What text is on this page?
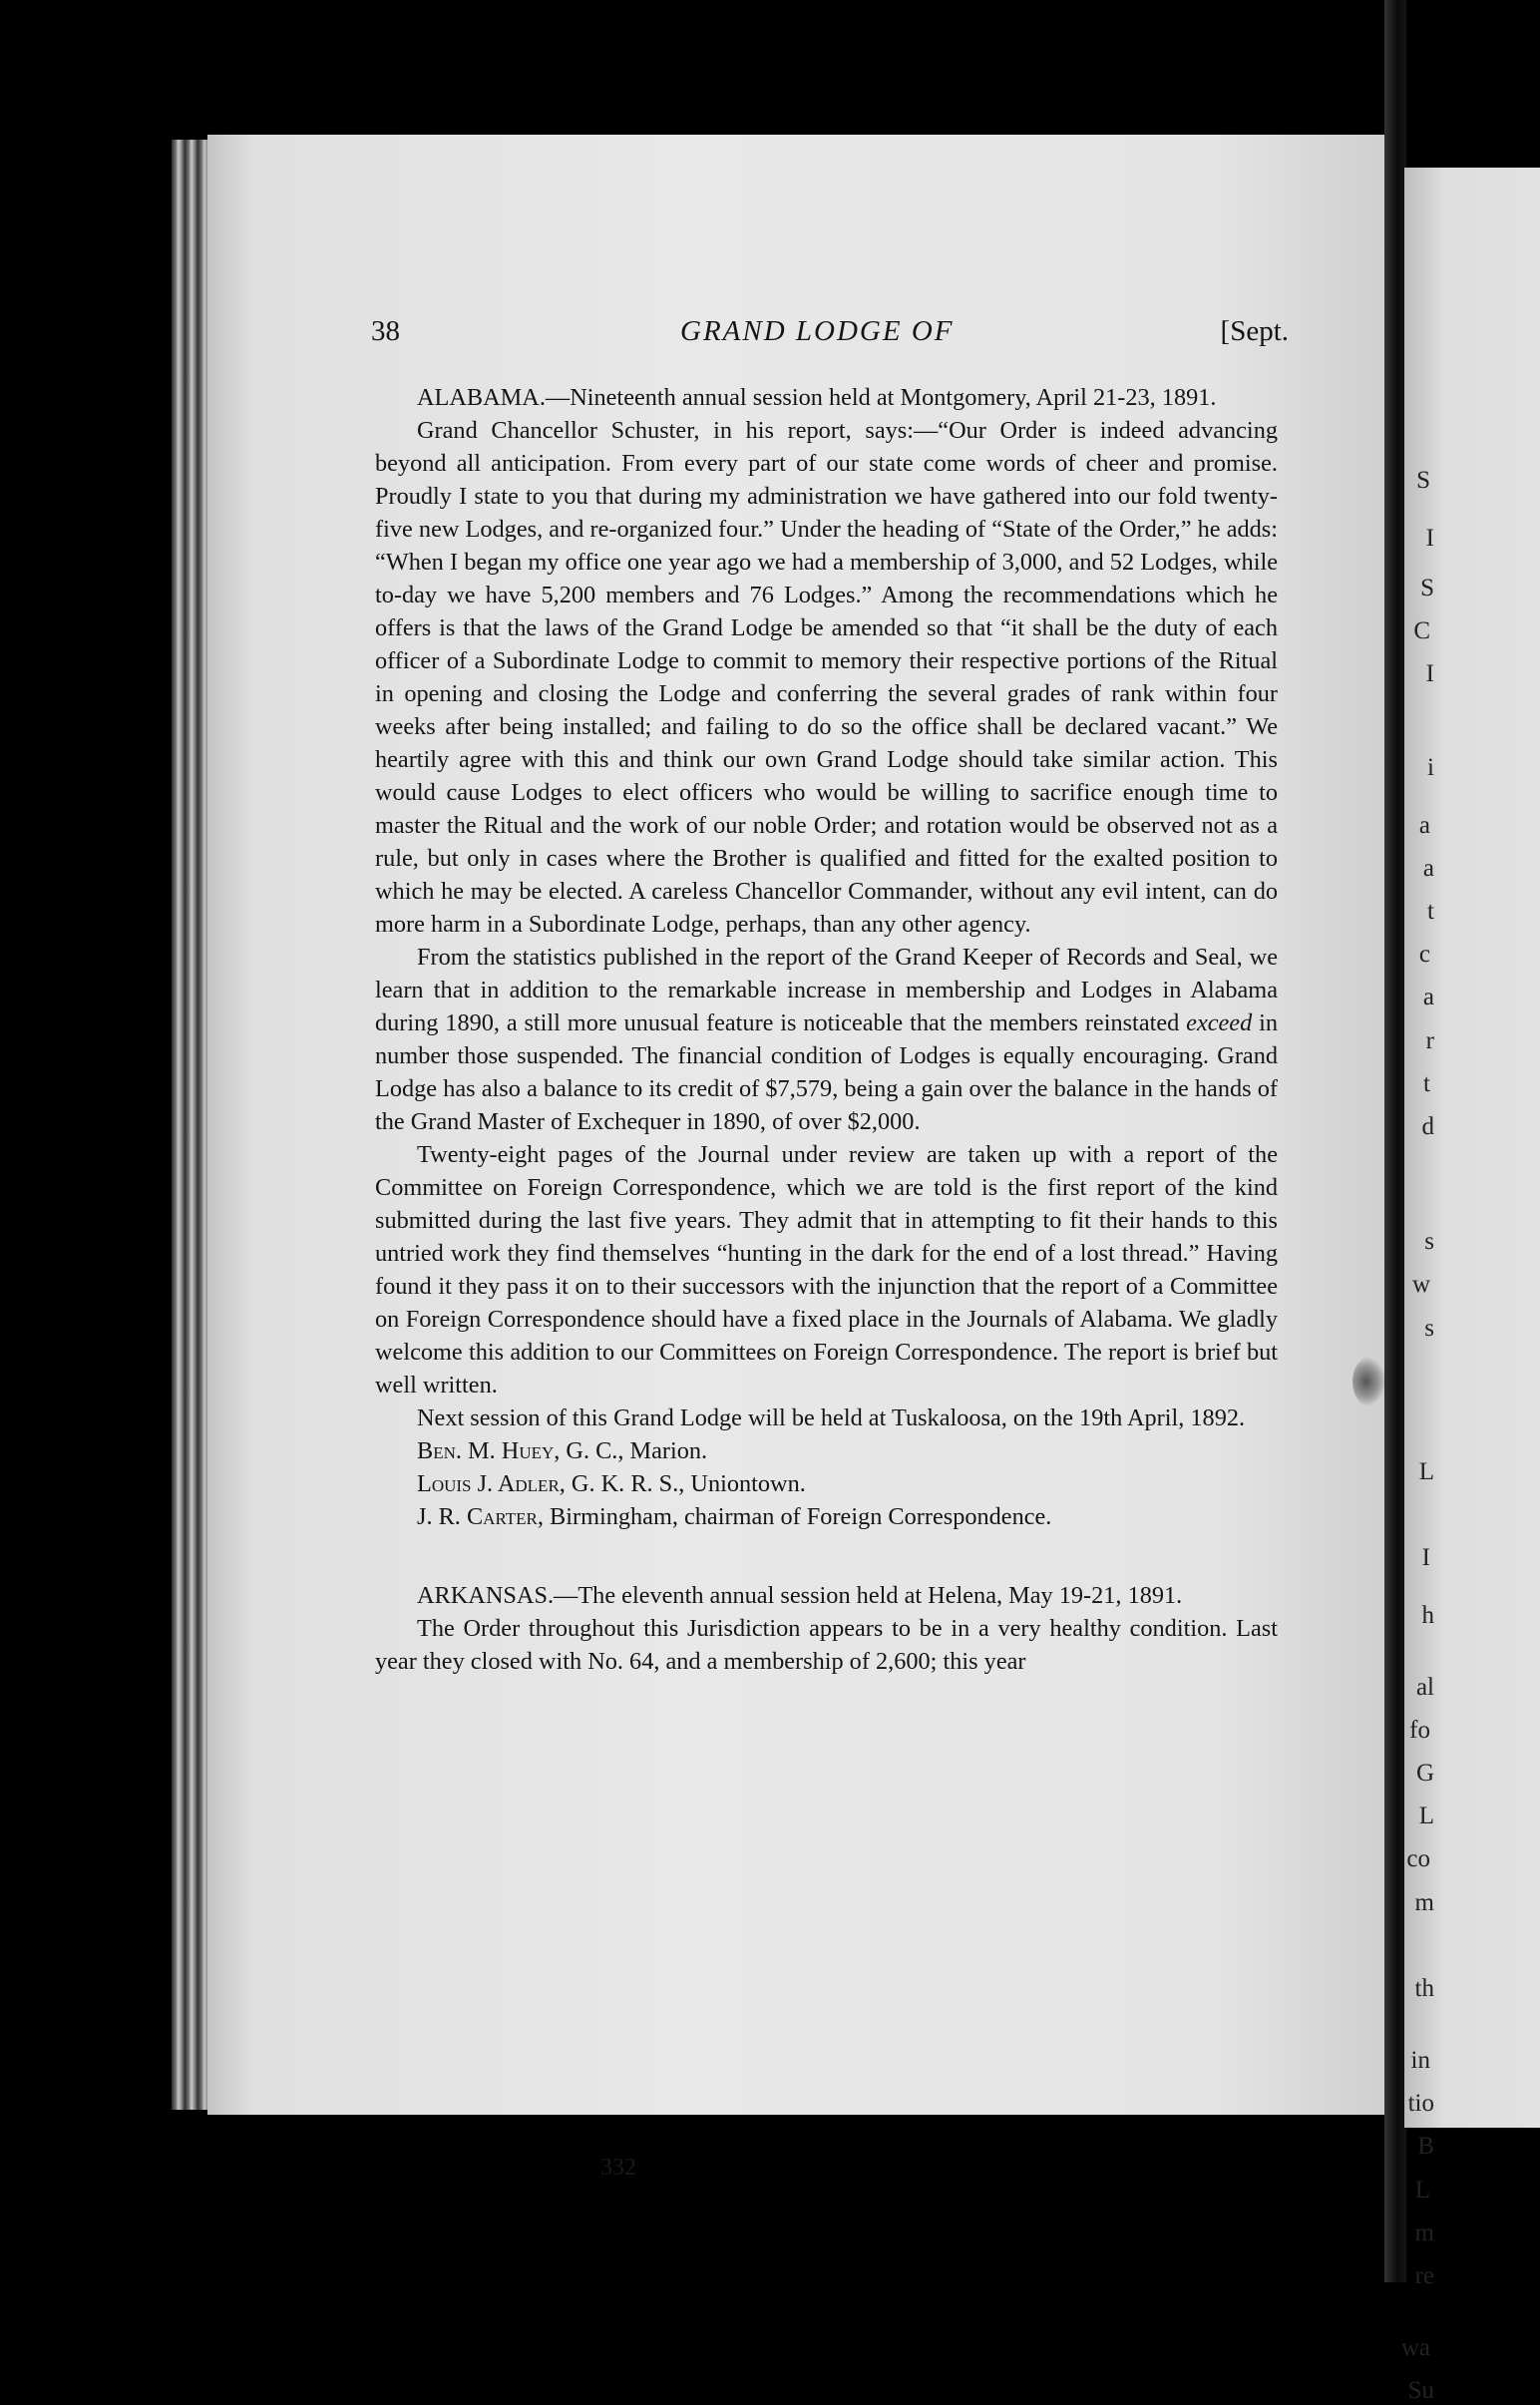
38	GRAND LODGE OF	[Sept.

ALABAMA.—Nineteenth annual session held at Montgomery, April 21-23, 1891.

Grand Chancellor Schuster, in his report, says:—“Our Order is indeed advancing beyond all anticipation. From every part of our state come words of cheer and promise. Proudly I state to you that during my administration we have gathered into our fold twenty-five new Lodges, and re-organized four.” Under the heading of “State of the Order,” he adds: “When I began my office one year ago we had a membership of 3,000, and 52 Lodges, while to-day we have 5,200 members and 76 Lodges.” Among the recommendations which he offers is that the laws of the Grand Lodge be amended so that “it shall be the duty of each officer of a Subordinate Lodge to commit to memory their respective portions of the Ritual in opening and closing the Lodge and conferring the several grades of rank within four weeks after being installed; and failing to do so the office shall be declared vacant.” We heartily agree with this and think our own Grand Lodge should take similar action. This would cause Lodges to elect officers who would be willing to sacrifice enough time to master the Ritual and the work of our noble Order; and rotation would be observed not as a rule, but only in cases where the Brother is qualified and fitted for the exalted position to which he may be elected. A careless Chancellor Commander, without any evil intent, can do more harm in a Subordinate Lodge, perhaps, than any other agency.

From the statistics published in the report of the Grand Keeper of Records and Seal, we learn that in addition to the remarkable increase in membership and Lodges in Alabama during 1890, a still more unusual feature is noticeable that the members reinstated exceed in number those suspended. The financial condition of Lodges is equally encouraging. Grand Lodge has also a balance to its credit of $7,579, being a gain over the balance in the hands of the Grand Master of Exchequer in 1890, of over $2,000.

Twenty-eight pages of the Journal under review are taken up with a report of the Committee on Foreign Correspondence, which we are told is the first report of the kind submitted during the last five years. They admit that in attempting to fit their hands to this untried work they find themselves “hunting in the dark for the end of a lost thread.” Having found it they pass it on to their successors with the injunction that the report of a Committee on Foreign Correspondence should have a fixed place in the Journals of Alabama. We gladly welcome this addition to our Committees on Foreign Correspondence. The report is brief but well written.

Next session of this Grand Lodge will be held at Tuskaloosa, on the 19th April, 1892.

Ben. M. Huey, G. C., Marion.

Louis J. Adler, G. K. R. S., Uniontown.

J. R. Carter, Birmingham, chairman of Foreign Correspondence.

ARKANSAS.—The eleventh annual session held at Helena, May 19-21, 1891.

The Order throughout this Jurisdiction appears to be in a very healthy condition. Last year they closed with No. 64, and a membership of 2,600; this year

332
S
I
S
C
I
i
a
a
t
c
a
r
t
d
s
w
s
L
I
h
al
fo
G
L
co
m
th
in
tio
B
L
m
re
wa
Su
